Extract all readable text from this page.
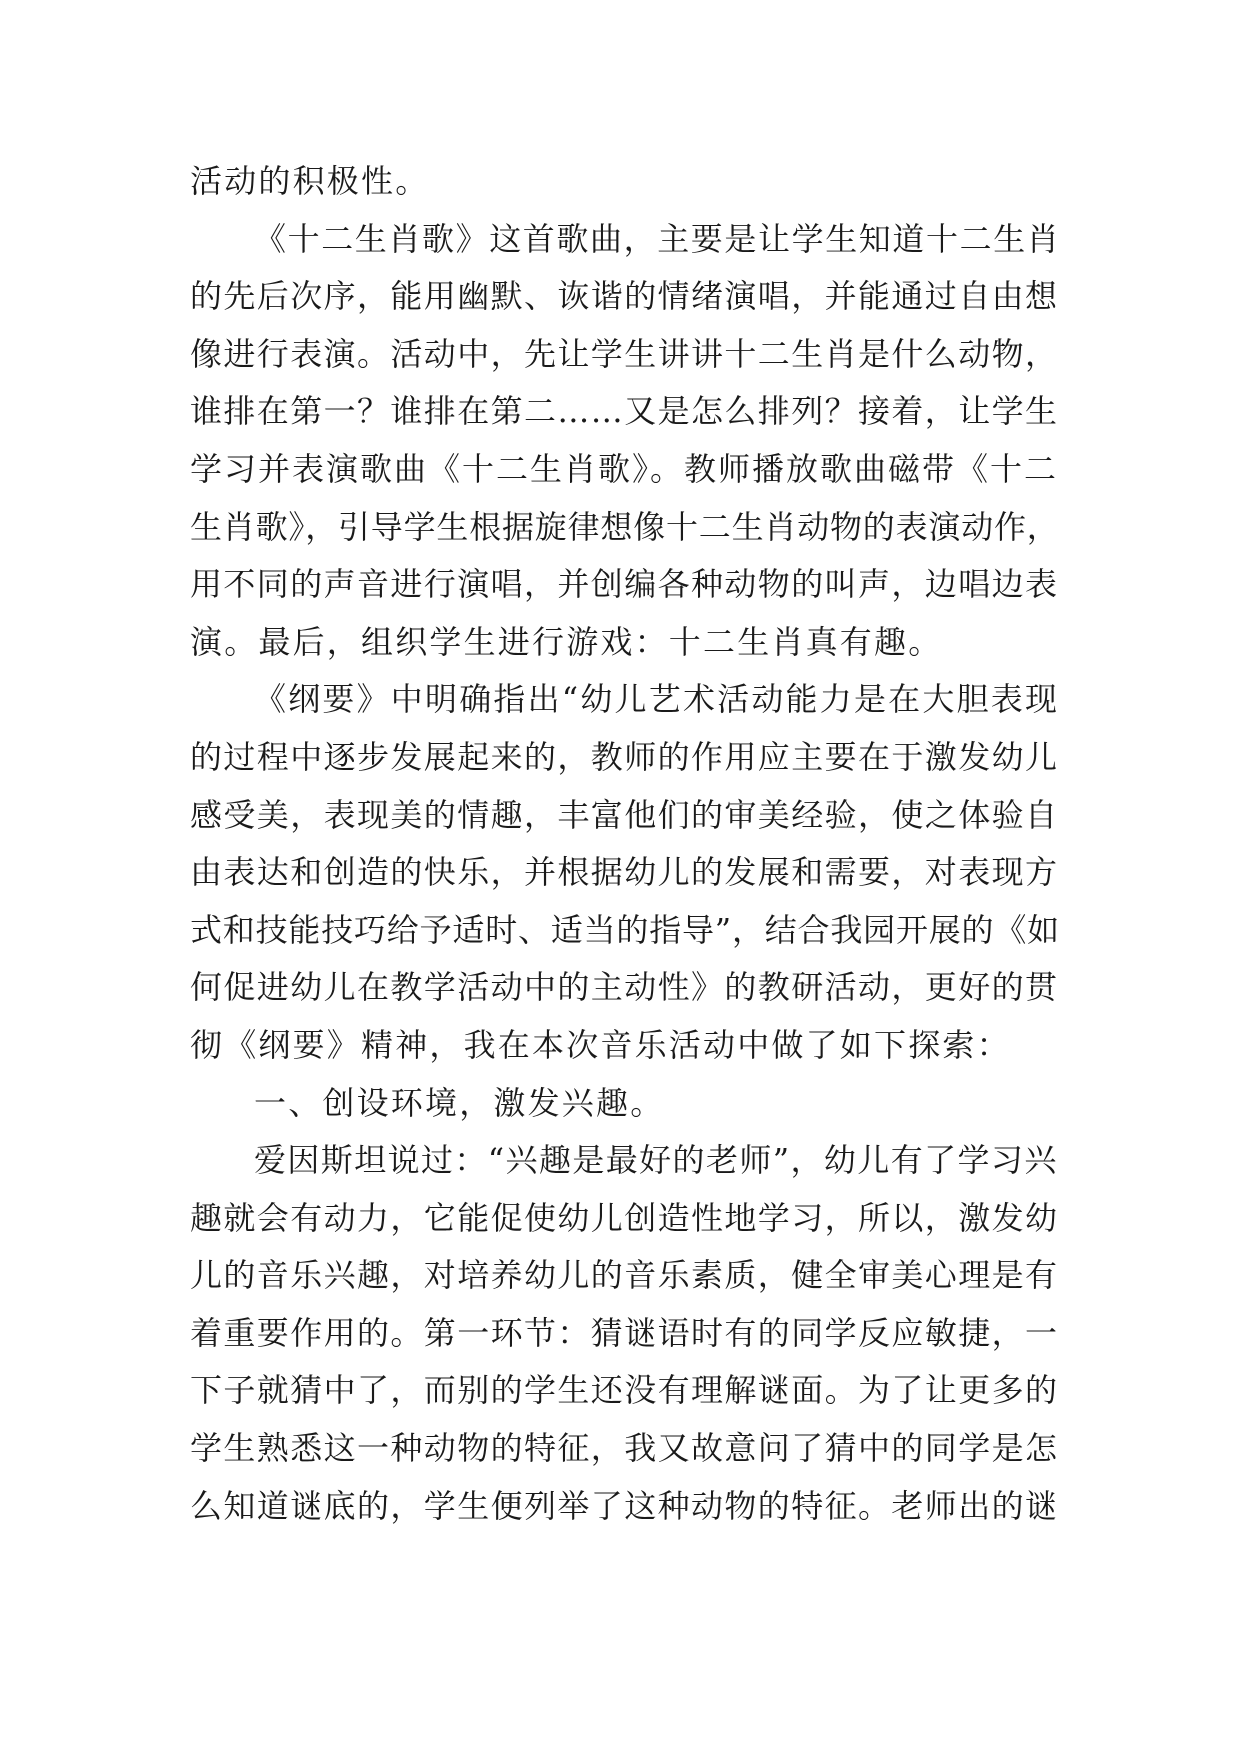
活动的积极性。
《十二生肖歌》这首歌曲，主要是让学生知道十二生肖
的先后次序，能用幽默、诙谐的情绪演唱，并能通过自由想
像进行表演。活动中，先让学生讲讲十二生肖是什么动物，
谁排在第一？谁排在第二……又是怎么排列？接着，让学生
学习并表演歌曲《十二生肖歌》。教师播放歌曲磁带《十二
生肖歌》，引导学生根据旋律想像十二生肖动物的表演动作，
用不同的声音进行演唱，并创编各种动物的叫声，边唱边表
演。最后，组织学生进行游戏：十二生肖真有趣。
《纲要》中明确指出“幼儿艺术活动能力是在大胆表现
的过程中逐步发展起来的，教师的作用应主要在于激发幼儿
感受美，表现美的情趣，丰富他们的审美经验，使之体验自
由表达和创造的快乐，并根据幼儿的发展和需要，对表现方
式和技能技巧给予适时、适当的指导”，结合我园开展的《如
何促进幼儿在教学活动中的主动性》的教研活动，更好的贯
彻《纲要》精神，我在本次音乐活动中做了如下探索：
一、创设环境，激发兴趣。
爱因斯坦说过：“兴趣是最好的老师”，幼儿有了学习兴
趣就会有动力，它能促使幼儿创造性地学习，所以，激发幼
儿的音乐兴趣，对培养幼儿的音乐素质，健全审美心理是有
着重要作用的。第一环节：猜谜语时有的同学反应敏捷，一
下子就猜中了，而别的学生还没有理解谜面。为了让更多的
学生熟悉这一种动物的特征，我又故意问了猜中的同学是怎
么知道谜底的，学生便列举了这种动物的特征。老师出的谜
